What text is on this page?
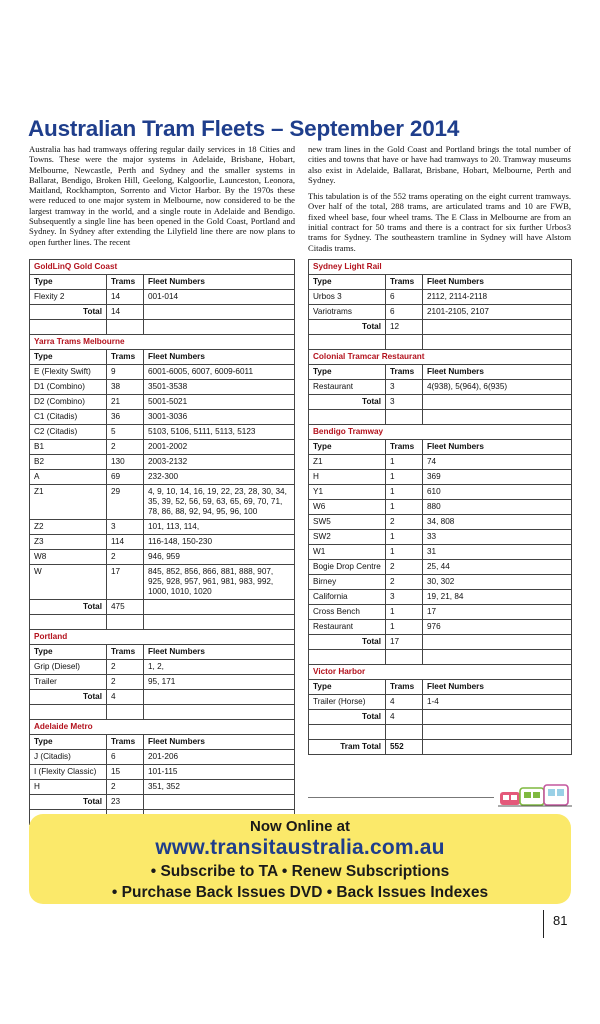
Australian Tram Fleets – September 2014

Australia has had tramways offering regular daily services in 18 Cities and Towns. These were the major systems in Adelaide, Brisbane, Hobart, Melbourne, Newcastle, Perth and Sydney and the smaller systems in Ballarat, Bendigo, Broken Hill, Geelong, Kalgoorlie, Launceston, Leonora, Maitland, Rockhampton, Sorrento and Victor Harbor. By the 1970s these were reduced to one major system in Melbourne, now considered to be the largest tramway in the world, and a single route in Adelaide and Bendigo. Subsequently a single line has been opened in the Gold Coast, Portland and Sydney. In Sydney after extending the Lilyfield line there are now plans to open further lines. The recent

new tram lines in the Gold Coast and Portland brings the total number of cities and towns that have or have had tramways to 20. Tramway museums also exist in Adelaide, Ballarat, Brisbane, Hobart, Melbourne, Perth and Sydney.

This tabulation is of the 552 trams operating on the eight current tramways. Over half of the total, 288 trams, are articulated trams and 10 are FWB, fixed wheel base, four wheel trams. The E Class in Melbourne are from an initial contract for 50 trams and there is a contract for six further Urbos3 trams for Sydney. The southeastern tramline in Sydney will have Alstom Citadis trams.

GoldLinQ Gold Coast
Type	Trams	Fleet Numbers
Flexity 2	14	001-014
Total	14
Yarra Trams Melbourne
Type	Trams	Fleet Numbers
E (Flexity Swift)	9	6001-6005, 6007, 6009-6011
D1 (Combino)	38	3501-3538
D2 (Combino)	21	5001-5021
C1 (Citadis)	36	3001-3036
C2 (Citadis)	5	5103, 5106, 5111, 5113, 5123
B1	2	2001-2002
B2	130	2003-2132
A	69	232-300
Z1	29	4, 9, 10, 14, 16, 19, 22, 23, 28, 30, 34, 35, 39, 52, 56, 59, 63, 65, 69, 70, 71, 78, 86, 88, 92, 94, 95, 96, 100
Z2	3	101, 113, 114,
Z3	114	116-148, 150-230
W8	2	946, 959
W	17	845, 852, 856, 866, 881, 888, 907, 925, 928, 957, 961, 981, 983, 992, 1000, 1010, 1020
Total	475
Portland
Type	Trams	Fleet Numbers
Grip (Diesel)	2	1, 2,
Trailer	2	95, 171
Total	4
Adelaide Metro
Type	Trams	Fleet Numbers
J (Citadis)	6	201-206
I (Flexity Classic)	15	101-115
H	2	351, 352
Total	23
Sydney Light Rail
Type	Trams	Fleet Numbers
Urbos 3	6	2112, 2114-2118
Variotrams	6	2101-2105, 2107
Total	12
Colonial Tramcar Restaurant
Type	Trams	Fleet Numbers
Restaurant	3	4(938), 5(964), 6(935)
Total	3
Bendigo Tramway
Type	Trams	Fleet Numbers
Z1	1	74
H	1	369
Y1	1	610
W6	1	880
SW5	2	34, 808
SW2	1	33
W1	1	31
Bogie Drop Centre	2	25, 44
Birney	2	30, 302
California	3	19, 21, 84
Cross Bench	1	17
Restaurant	1	976
Total	17
Victor Harbor
Type	Trams	Fleet Numbers
Trailer (Horse)	4	1-4
Total	4
Tram Total	552
Now Online at
www.transitaustralia.com.au
• Subscribe to TA • Renew Subscriptions
• Purchase Back Issues DVD • Back Issues Indexes
81
